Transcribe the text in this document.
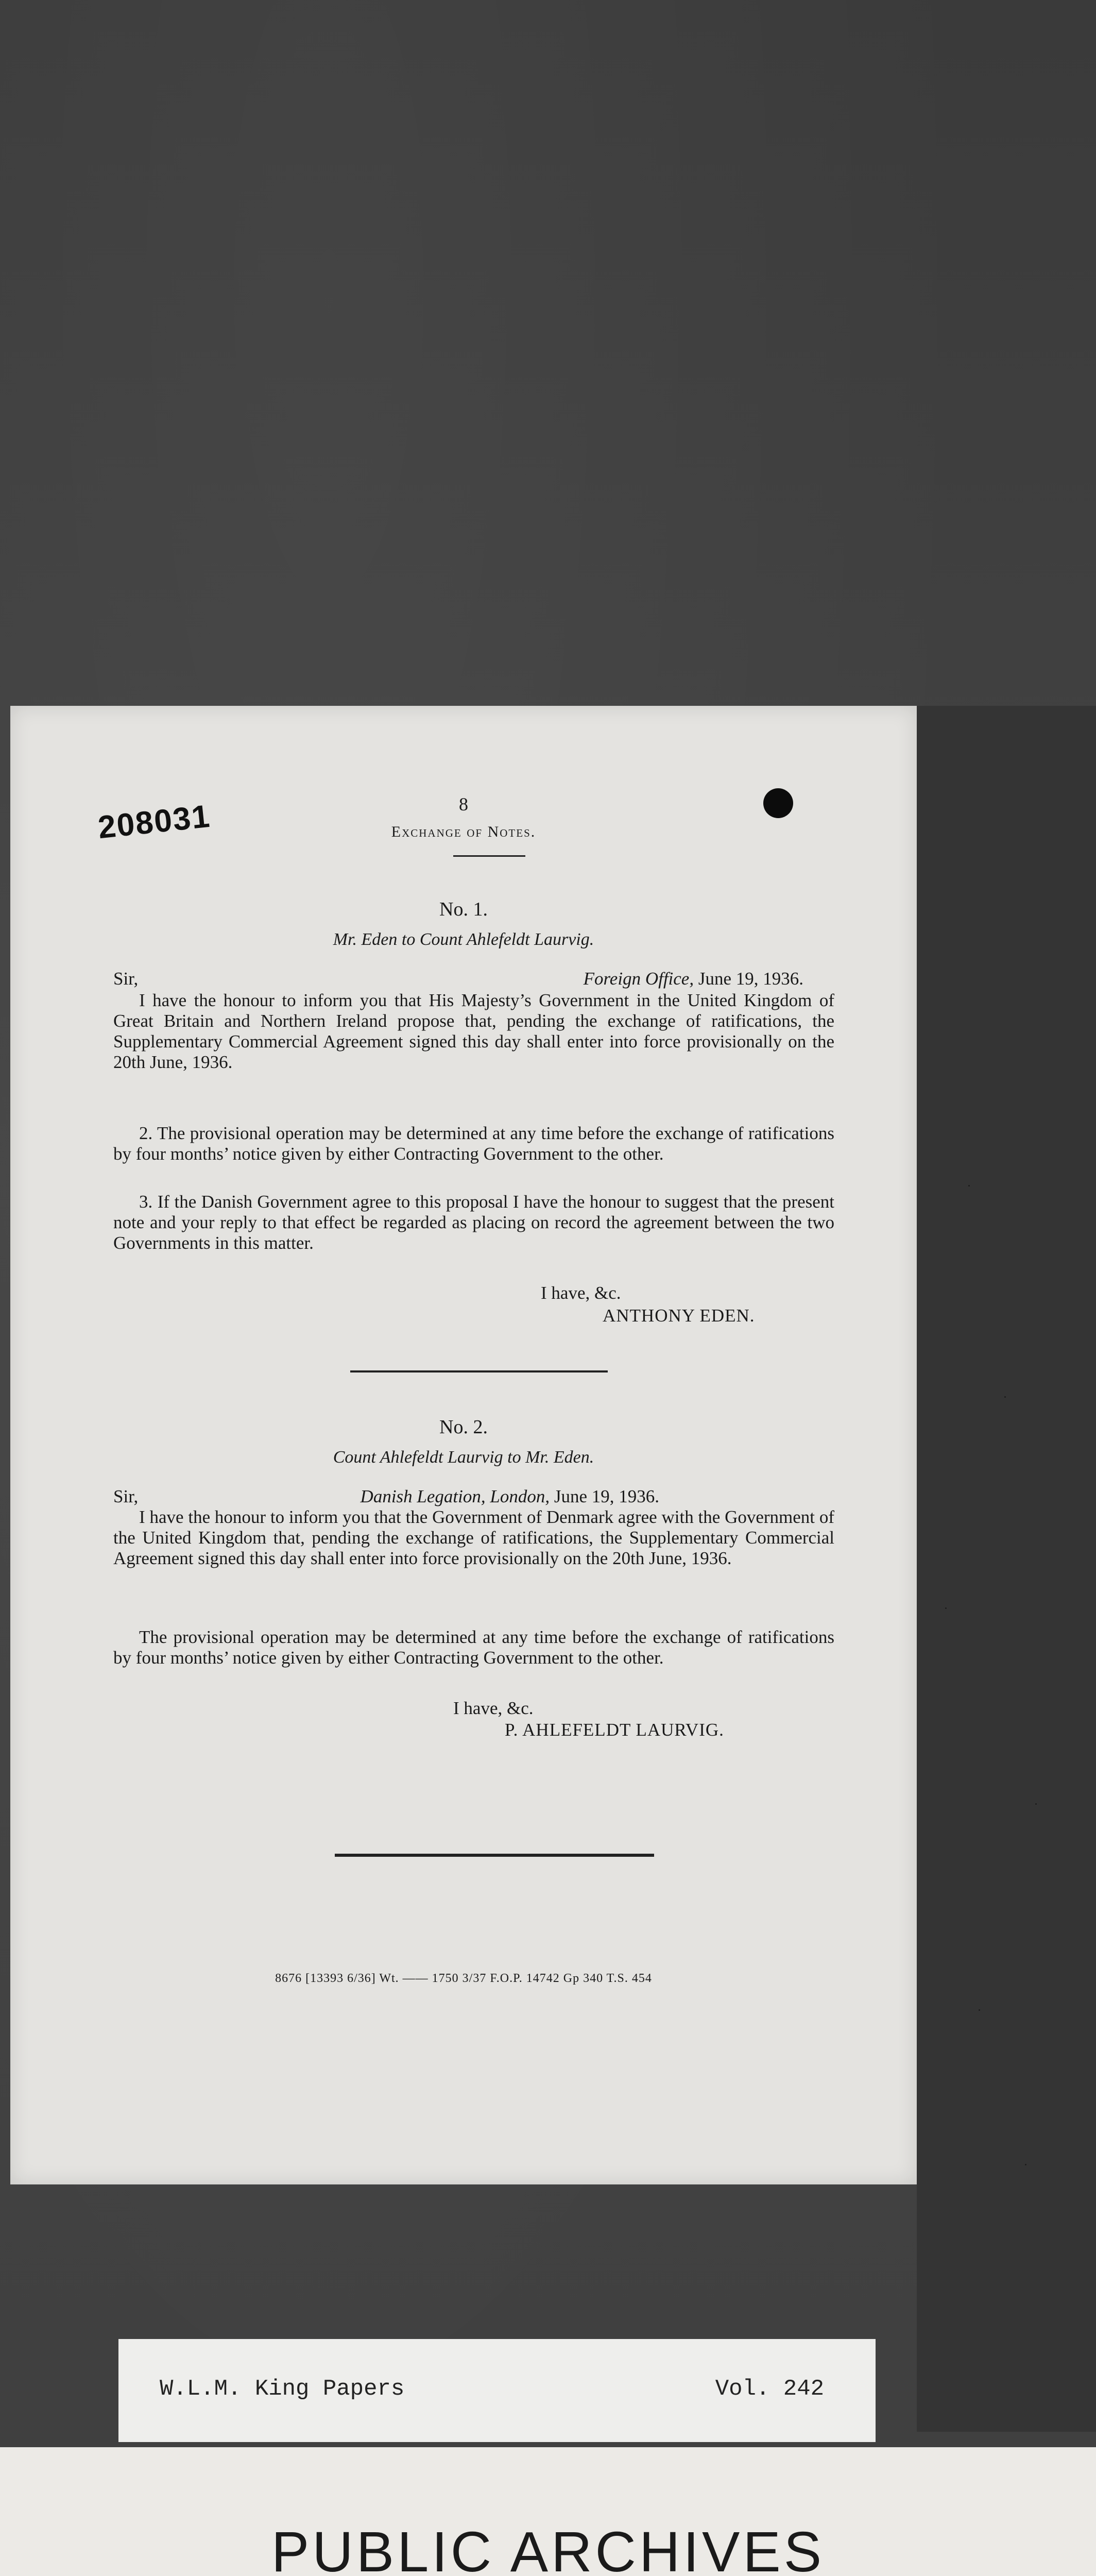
208031	8
Exchange of Notes.
No. 1.
Mr. Eden to Count Ahlefeldt Laurvig.
Sir,	Foreign Office, June 19, 1936.

I have the honour to inform you that His Majesty’s Government in the United Kingdom of Great Britain and Northern Ireland propose that, pending the exchange of ratifications, the Supplementary Commercial Agreement signed this day shall enter into force provisionally on the 20th June, 1936.

2. The provisional operation may be determined at any time before the exchange of ratifications by four months’ notice given by either Contracting Government to the other.

3. If the Danish Government agree to this proposal I have the honour to suggest that the present note and your reply to that effect be regarded as placing on record the agreement between the two Governments in this matter.

I have, &c.
ANTHONY EDEN.
No. 2.
Count Ahlefeldt Laurvig to Mr. Eden.
Sir,	Danish Legation, London, June 19, 1936.

I have the honour to inform you that the Government of Denmark agree with the Government of the United Kingdom that, pending the exchange of ratifications, the Supplementary Commercial Agreement signed this day shall enter into force provisionally on the 20th June, 1936.

The provisional operation may be determined at any time before the exchange of ratifications by four months’ notice given by either Contracting Government to the other.

I have, &c.
P. AHLEFELDT LAURVIG.
8676 [13393 6/36] Wt. —— 1750 3/37 F.O.P. 14742 Gp 340 T.S. 454
W.L.M. King Papers	Vol. 242
PUBLIC ARCHIVES
